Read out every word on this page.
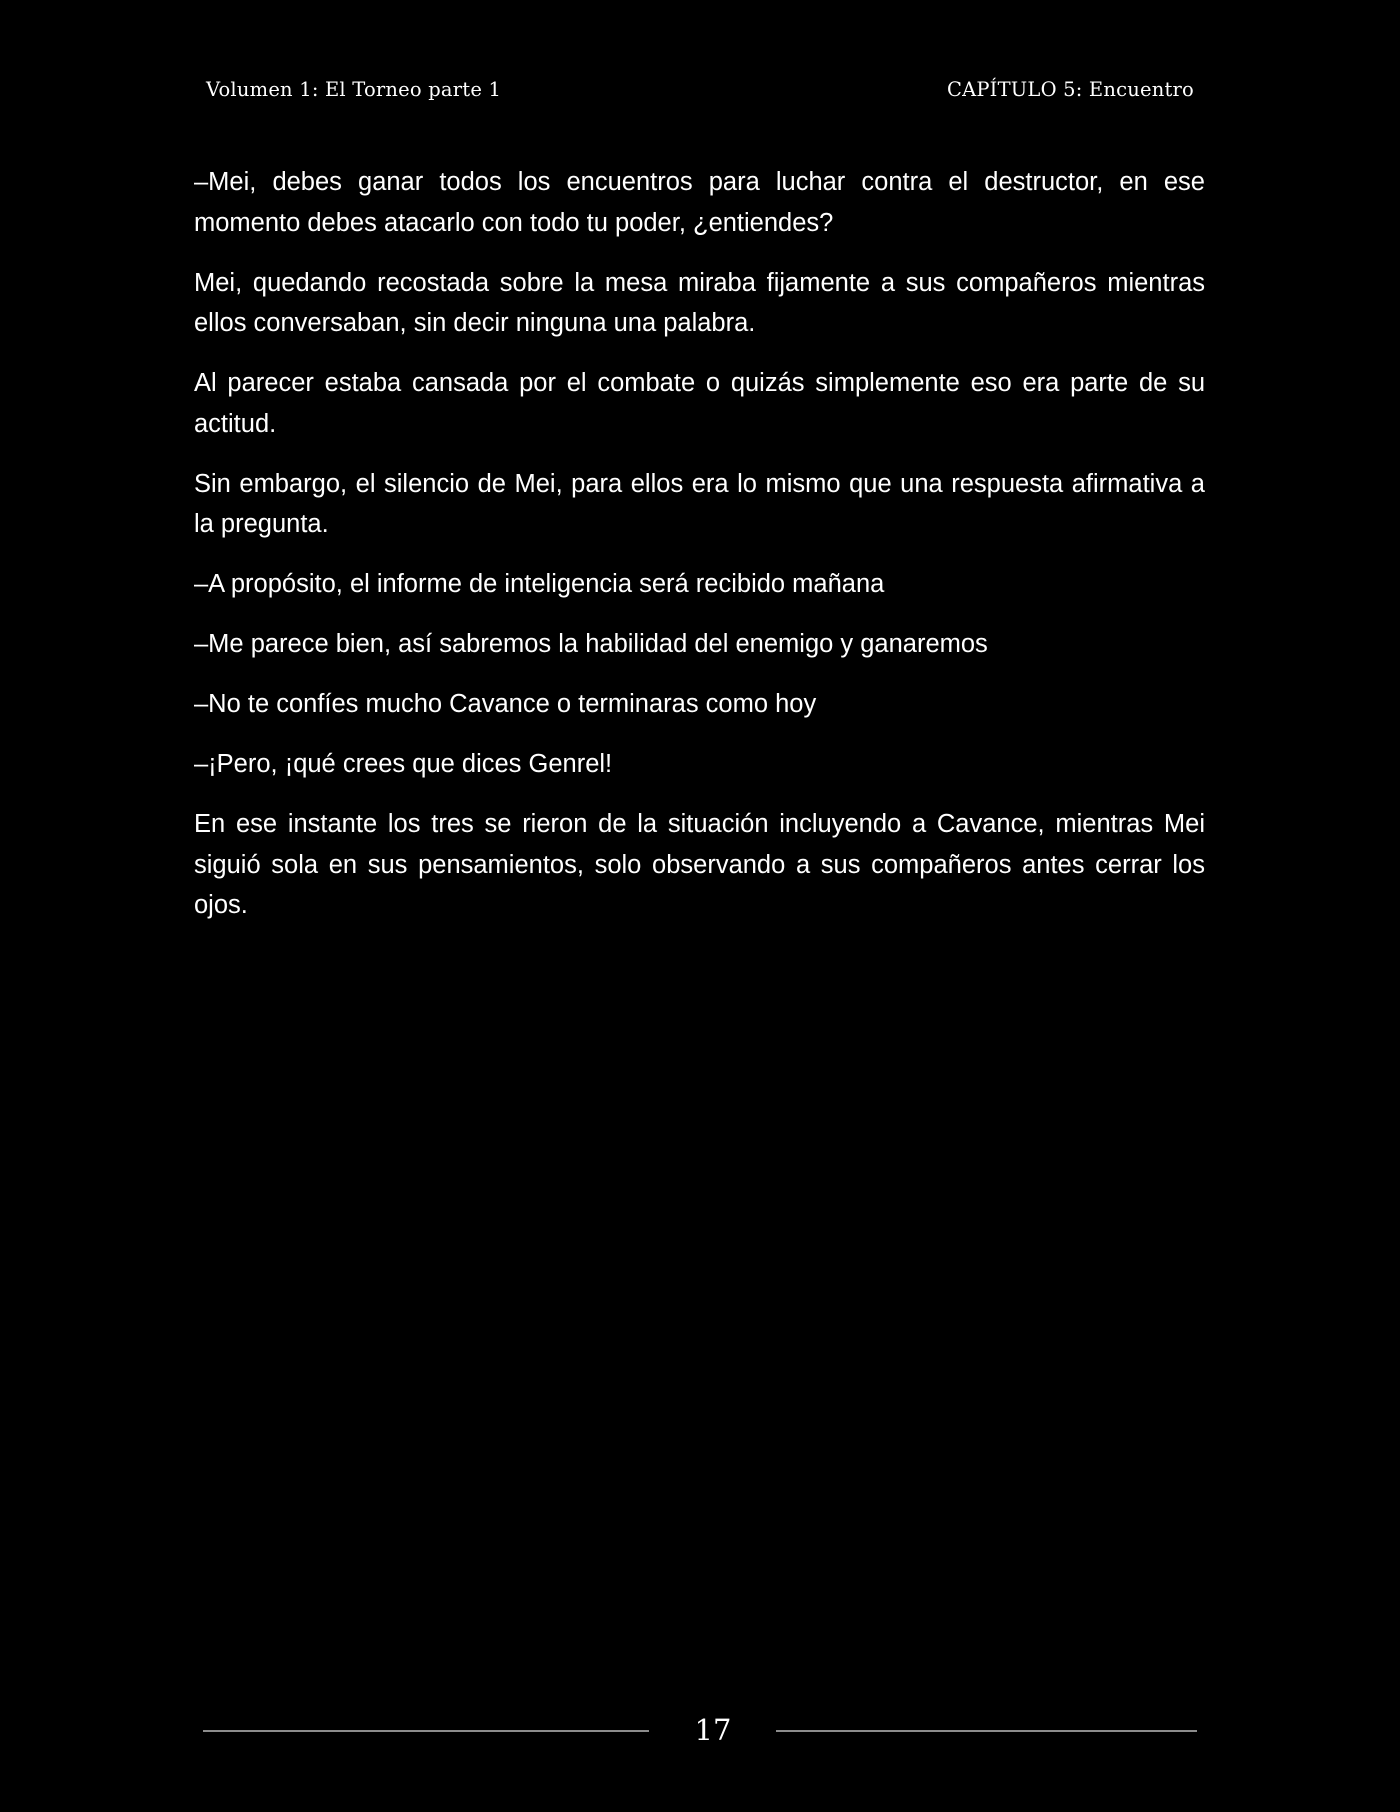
Volumen 1: El Torneo parte 1	CAPÍTULO 5: Encuentro

–Mei, debes ganar todos los encuentros para luchar contra el destructor, en ese momento debes atacarlo con todo tu poder, ¿entiendes?

Mei, quedando recostada sobre la mesa miraba fijamente a sus compañeros mientras ellos conversaban, sin decir ninguna una palabra.

Al parecer estaba cansada por el combate o quizás simplemente eso era parte de su actitud.

Sin embargo, el silencio de Mei, para ellos era lo mismo que una respuesta afirmativa a la pregunta.

–A propósito, el informe de inteligencia será recibido mañana

–Me parece bien, así sabremos la habilidad del enemigo y ganaremos

–No te confíes mucho Cavance o terminaras como hoy

–¡Pero, ¡qué crees que dices Genrel!

En ese instante los tres se rieron de la situación incluyendo a Cavance, mientras Mei siguió sola en sus pensamientos, solo observando a sus compañeros antes cerrar los ojos.

17
